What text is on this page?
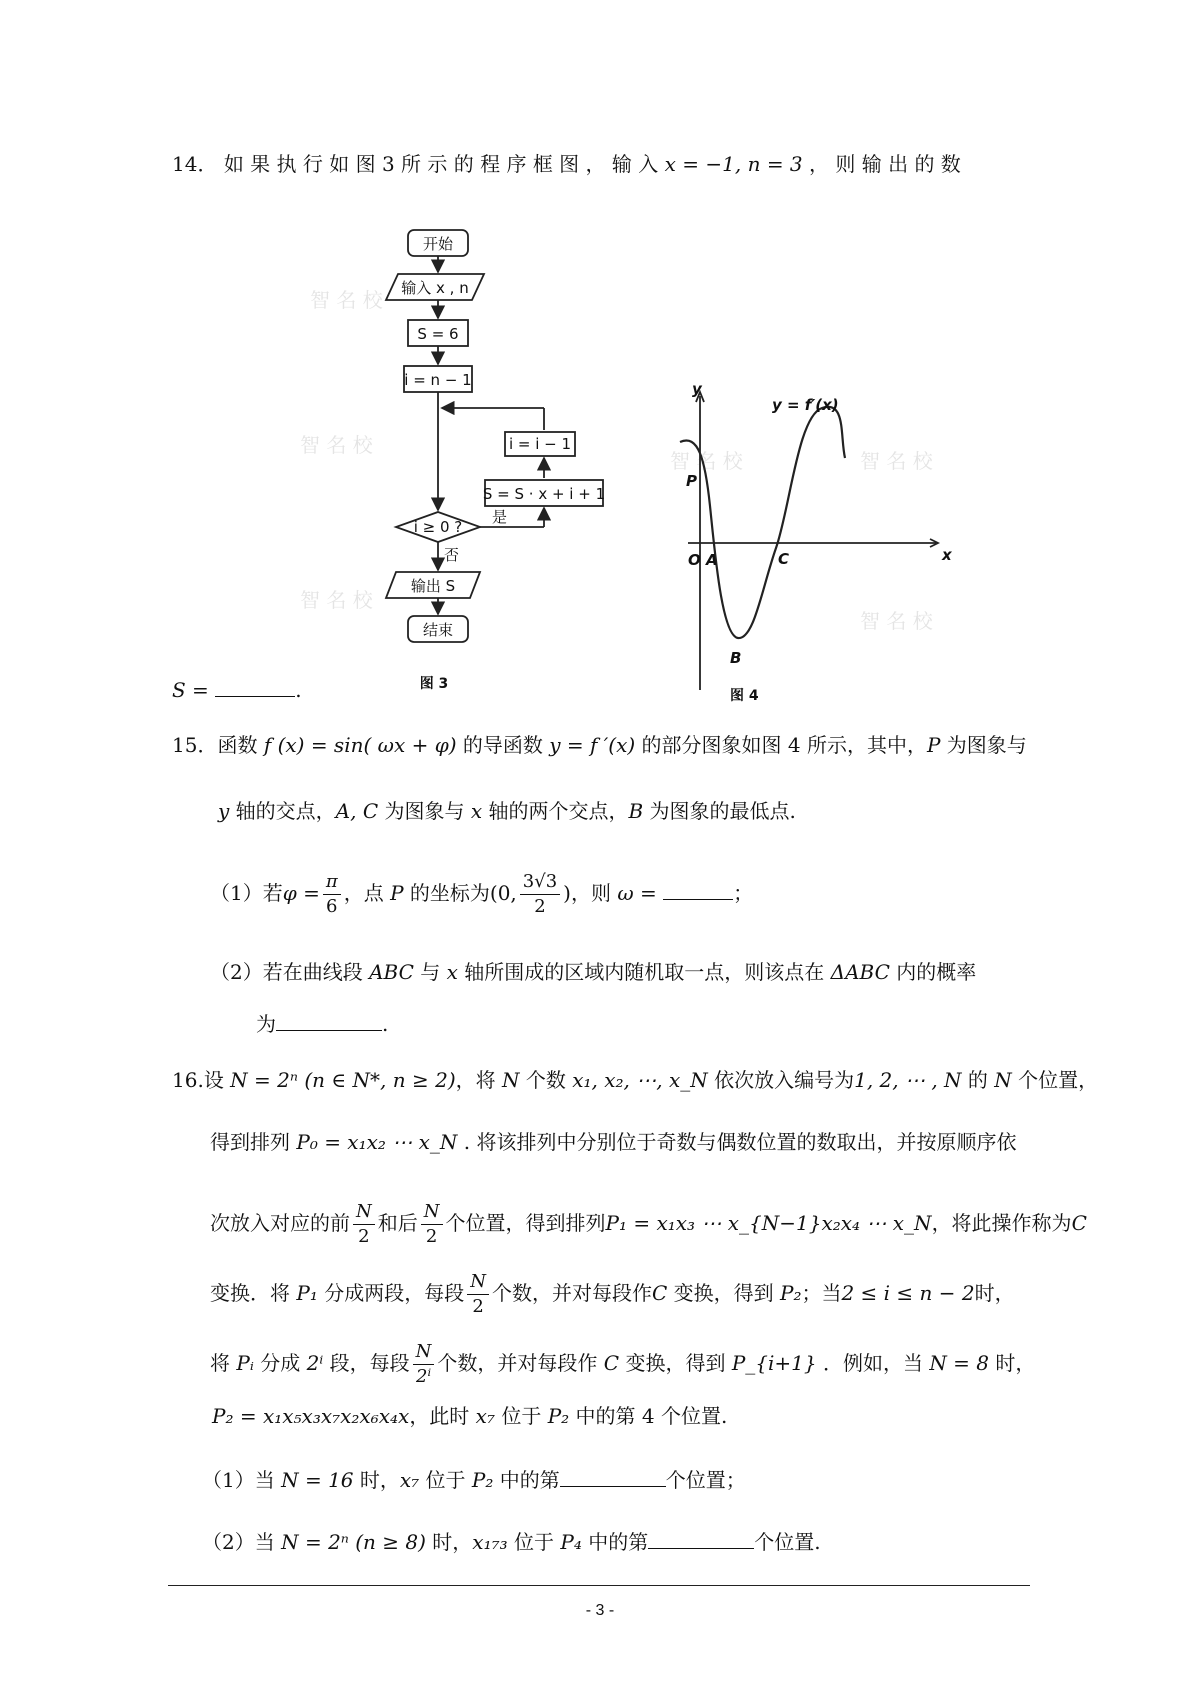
14． 如 果 执 行 如 图 3 所 示 的 程 序 框 图 ， 输 入 x = −1, n = 3 ， 则 输 出 的 数
开始
输入 x , n
S = 6
i = n − 1
i = i − 1
S = S · x + i + 1
i ≥ 0 ?
是
否
输出 S
结束
图 3
智 名 校
智 名 校
智 名 校
智 名 校	智 名 校
智 名 校
y
x
y = f′(x)
O A	C
P
B
图 4
S =	.
15．函数 f (x) = sin( ωx + φ) 的导函数 y = f ′(x) 的部分图象如图 4 所示，其中，P 为图象与
y 轴的交点，A, C 为图象与 x 轴的两个交点，B 为图象的最低点.
（1）若$\varphi = \frac{\pi}{6}$ ，点 P 的坐标为(0, $\frac{3√3}{2}$ )，则 ω =	；
（2）若在曲线段 ABC 与 x 轴所围成的区域内随机取一点，则该点在 ΔABC 内的概率
为	.
16.设 N = 2ⁿ (n ∈ N*, n ≥ 2)，将 N 个数 x₁, x₂, ⋯, x_N 依次放入编号为1, 2, ⋯ , N 的 N 个位置，
得到排列 P₀ = x₁x₂ ⋯ x_N . 将该排列中分别位于奇数与偶数位置的数取出，并按原顺序依
次放入对应的前 $\frac{N}{2}$ 和后 $\frac{N}{2}$ 个位置，得到排列P₁ = x₁x₃ ⋯ x_{N−1}x₂x₄ ⋯ x_N，将此操作称为C
变换．将 P₁ 分成两段，每段 $\frac{N}{2}$ 个数，并对每段作C 变换，得到 P₂；当2 ≤ i ≤ n − 2时，
将 Pᵢ 分成 2ⁱ 段，每段 $\frac{N}{\text{2ⁱ}}$ 个数，并对每段作 C 变换，得到 P_{i+1} ．例如，当 N = 8 时，
P₂ = x₁x₅x₃x₇x₂x₆x₄x，此时 x₇ 位于 P₂ 中的第 4 个位置.
（1）当 N = 16 时，x₇ 位于 P₂ 中的第	个位置；
（2）当 N = 2ⁿ (n ≥ 8) 时，x₁₇₃ 位于 P₄ 中的第	个位置.
- 3 -
